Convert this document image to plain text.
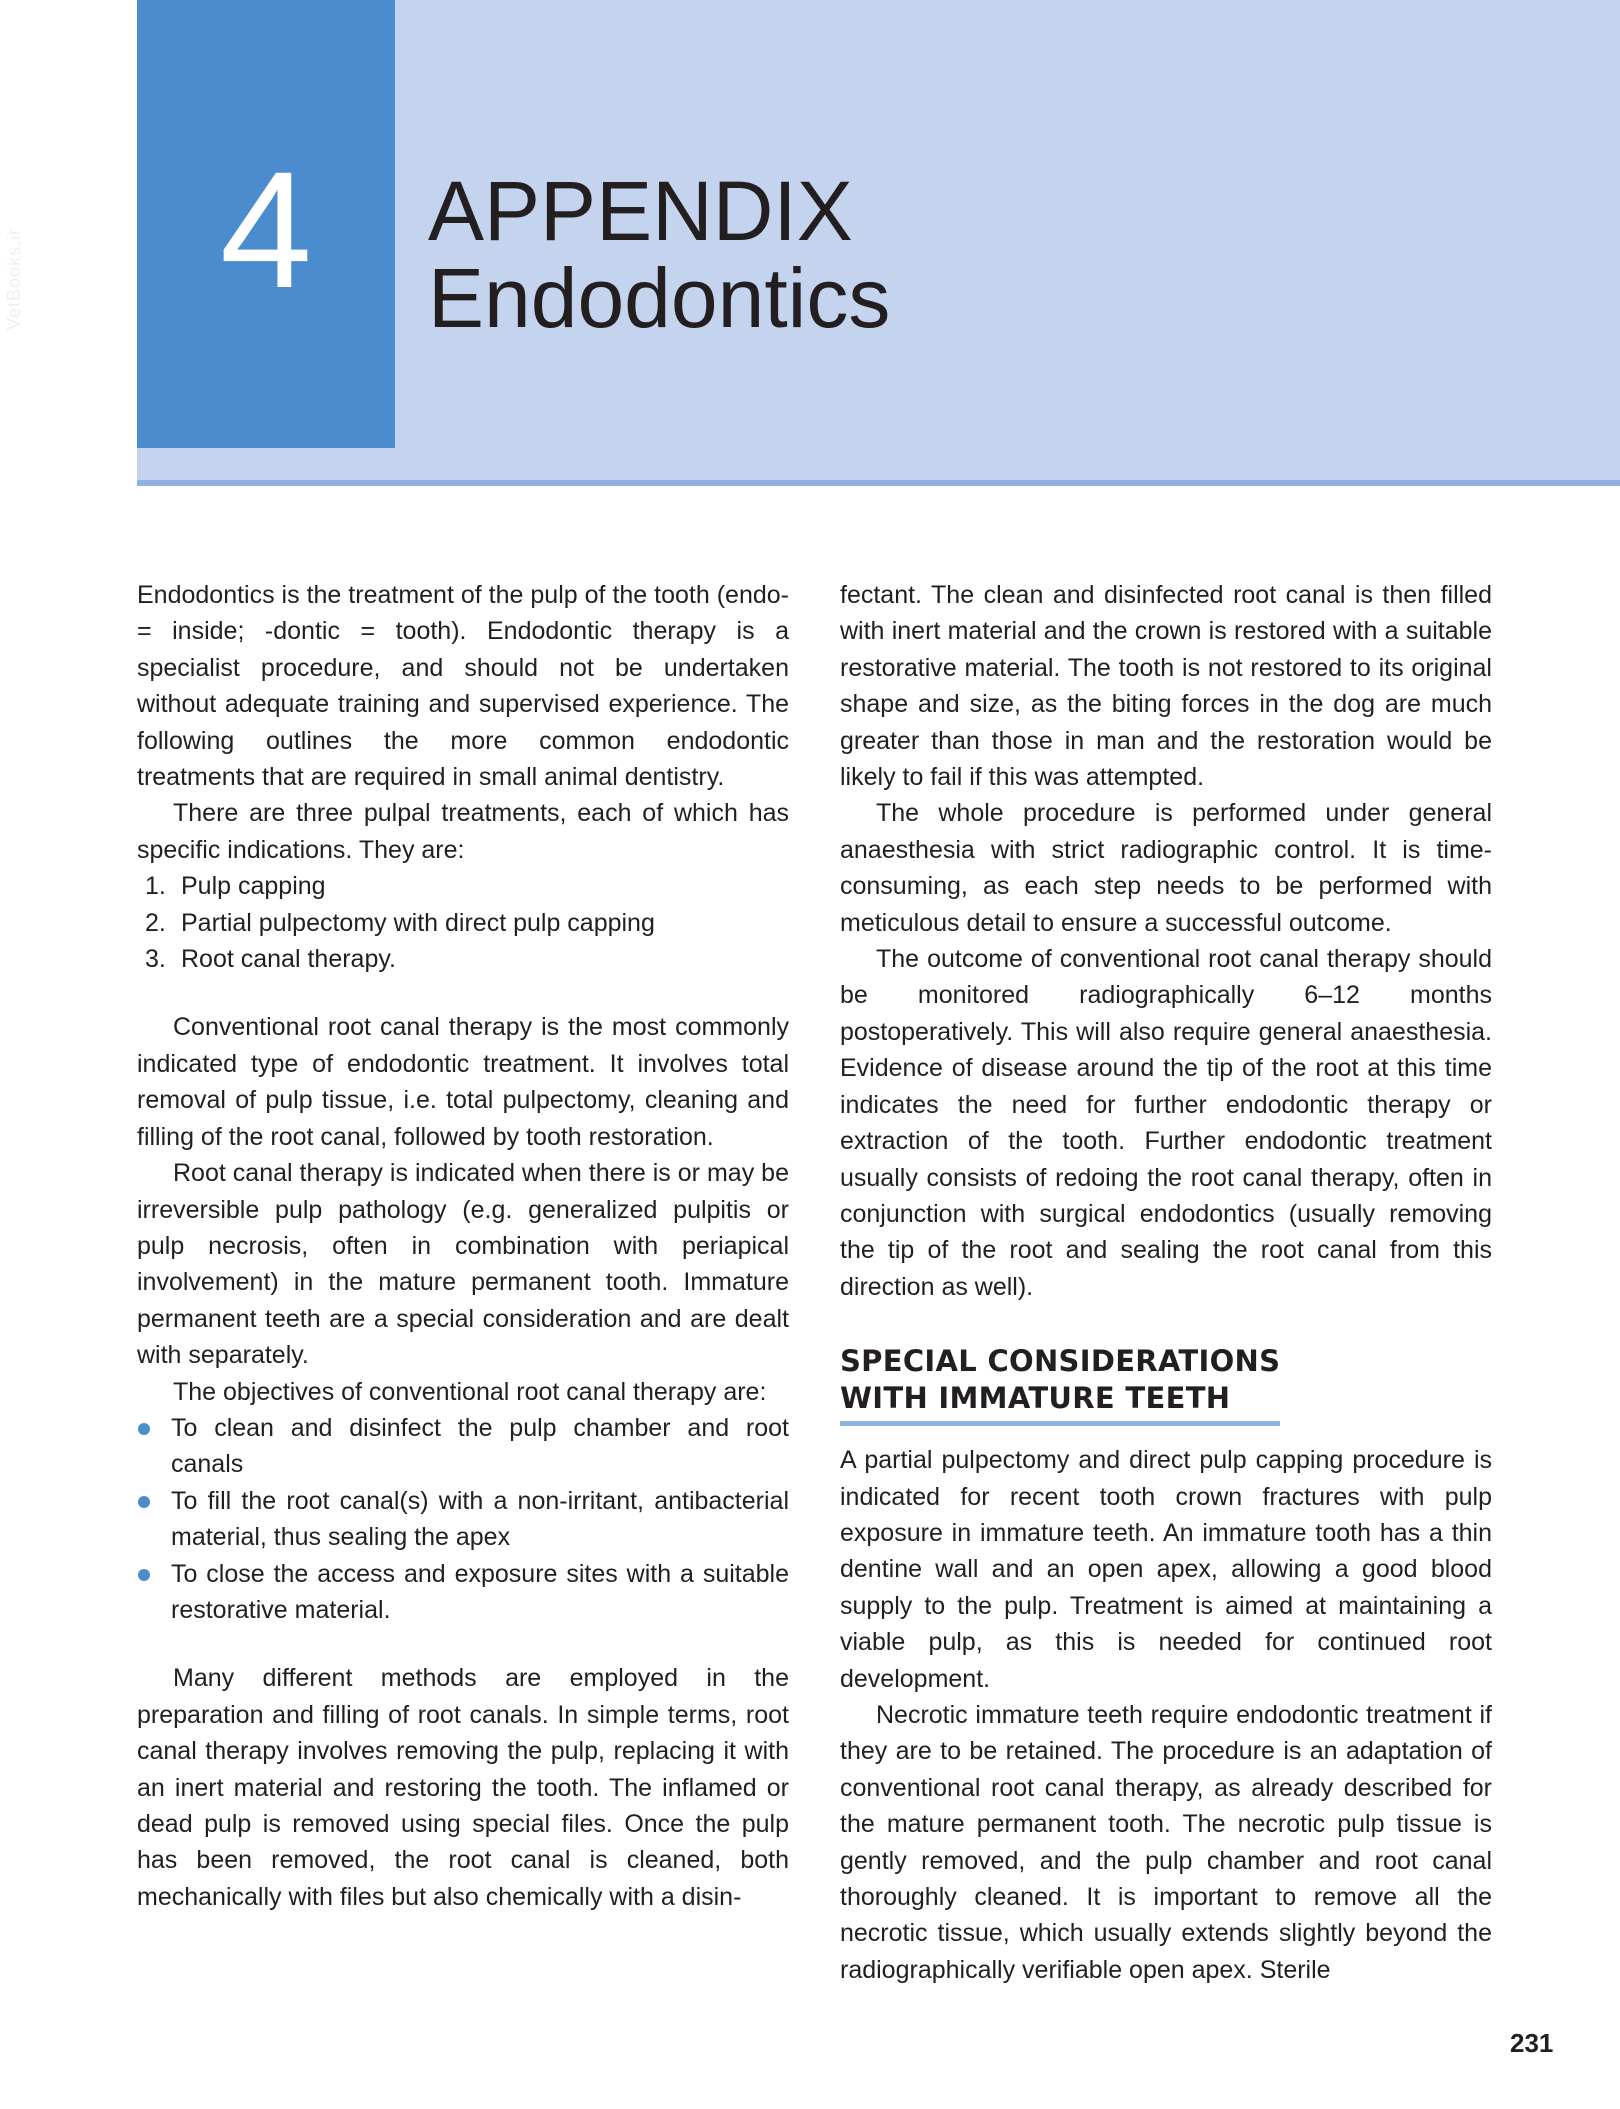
4	APPENDIX
Endodontics
VetBooks.ir

Endodontics is the treatment of the pulp of the tooth (endo- = inside; -dontic = tooth). Endodontic therapy is a specialist procedure, and should not be undertaken without adequate training and supervised experience. The following outlines the more common endodontic treatments that are required in small animal dentistry.

There are three pulpal treatments, each of which has specific indications. They are:

1. Pulp capping
2. Partial pulpectomy with direct pulp capping
3. Root canal therapy.

Conventional root canal therapy is the most commonly indicated type of endodontic treatment. It involves total removal of pulp tissue, i.e. total pulpectomy, cleaning and filling of the root canal, followed by tooth restoration.

Root canal therapy is indicated when there is or may be irreversible pulp pathology (e.g. generalized pulpitis or pulp necrosis, often in combination with periapical involvement) in the mature permanent tooth. Immature permanent teeth are a special consideration and are dealt with separately.

The objectives of conventional root canal therapy are:

To clean and disinfect the pulp chamber and root canals
To fill the root canal(s) with a non-irritant, antibacterial material, thus sealing the apex
To close the access and exposure sites with a suitable restorative material.

Many different methods are employed in the preparation and filling of root canals. In simple terms, root canal therapy involves removing the pulp, replacing it with an inert material and restoring the tooth. The inflamed or dead pulp is removed using special files. Once the pulp has been removed, the root canal is cleaned, both mechanically with files but also chemically with a disin-

fectant. The clean and disinfected root canal is then filled with inert material and the crown is restored with a suitable restorative material. The tooth is not restored to its original shape and size, as the biting forces in the dog are much greater than those in man and the restoration would be likely to fail if this was attempted.

The whole procedure is performed under general anaesthesia with strict radiographic control. It is time-consuming, as each step needs to be performed with meticulous detail to ensure a successful outcome.

The outcome of conventional root canal therapy should be monitored radiographically 6–12 months postoperatively. This will also require general anaesthesia. Evidence of disease around the tip of the root at this time indicates the need for further endodontic therapy or extraction of the tooth. Further endodontic treatment usually consists of redoing the root canal therapy, often in conjunction with surgical endodontics (usually removing the tip of the root and sealing the root canal from this direction as well).

SPECIAL CONSIDERATIONS
WITH IMMATURE TEETH

A partial pulpectomy and direct pulp capping procedure is indicated for recent tooth crown fractures with pulp exposure in immature teeth. An immature tooth has a thin dentine wall and an open apex, allowing a good blood supply to the pulp. Treatment is aimed at maintaining a viable pulp, as this is needed for continued root development.

Necrotic immature teeth require endodontic treatment if they are to be retained. The procedure is an adaptation of conventional root canal therapy, as already described for the mature permanent tooth. The necrotic pulp tissue is gently removed, and the pulp chamber and root canal thoroughly cleaned. It is important to remove all the necrotic tissue, which usually extends slightly beyond the radiographically verifiable open apex. Sterile

231
